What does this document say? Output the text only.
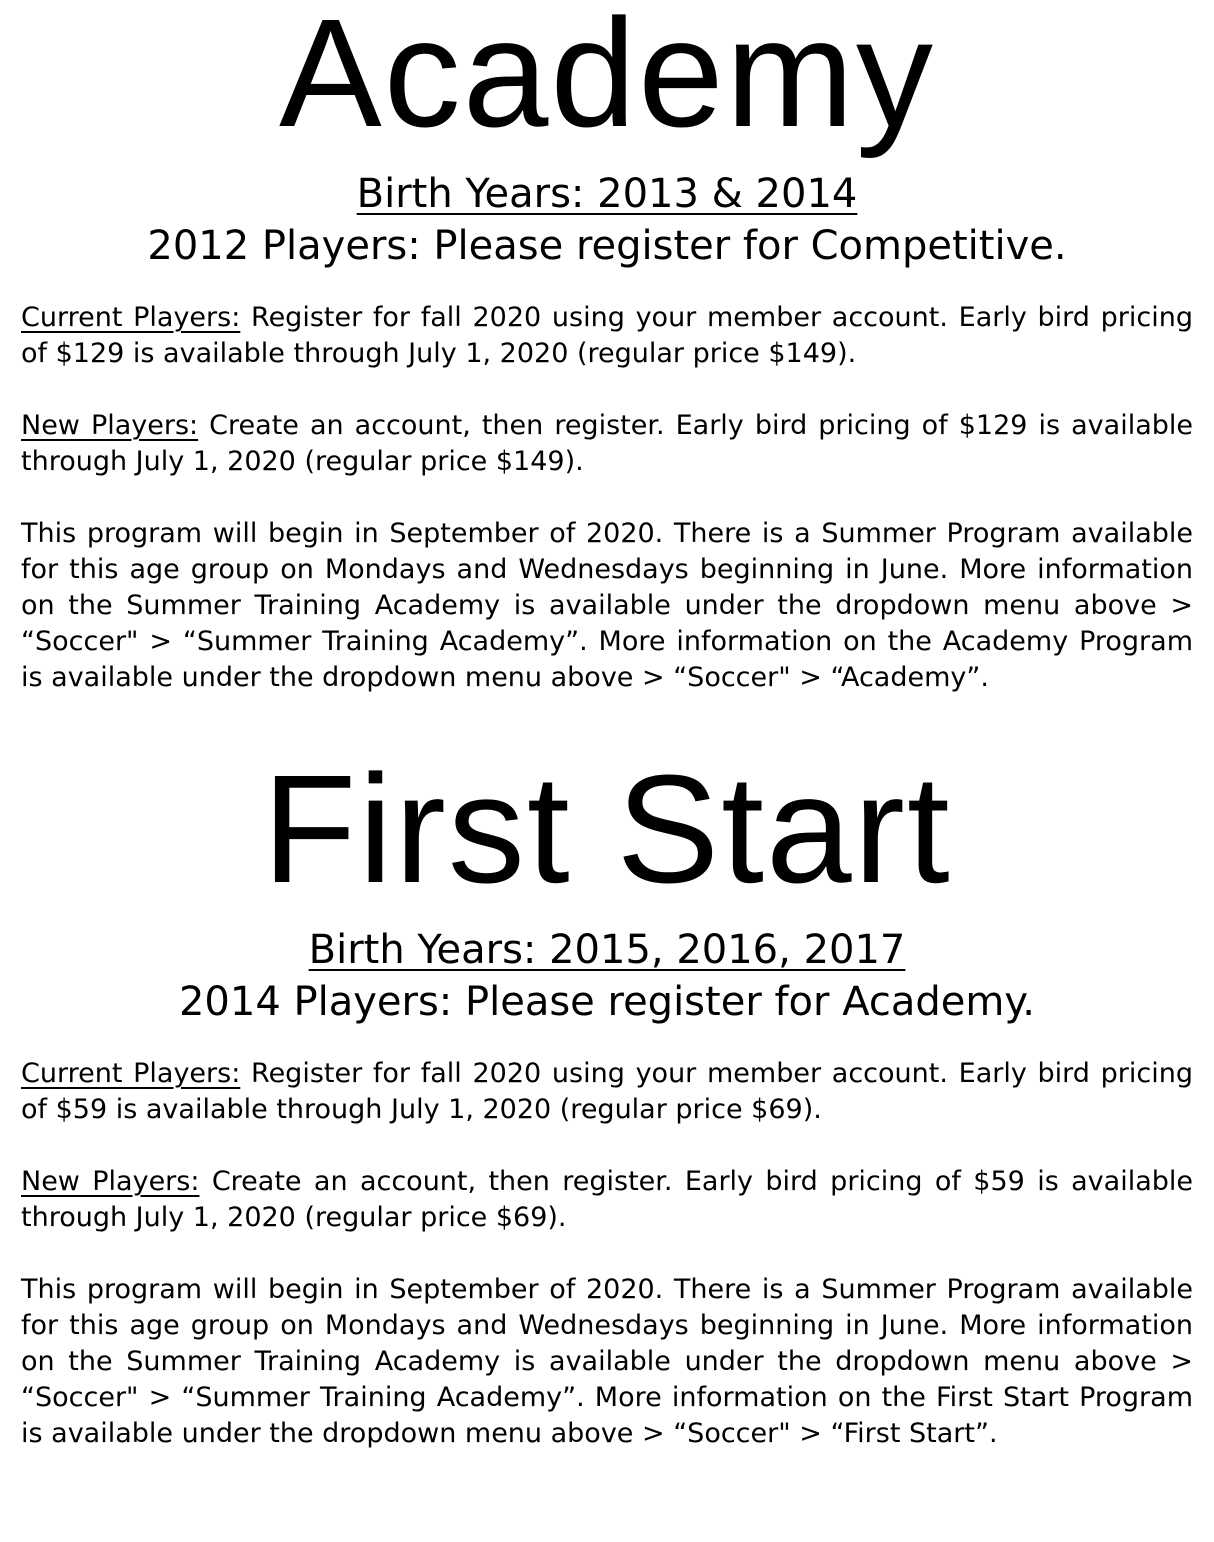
Academy

Birth Years: 2013 & 2014

2012 Players: Please register for Competitive.

Current Players: Register for fall 2020 using your member account. Early bird pricing of $129 is available through July 1, 2020 (regular price $149).

New Players: Create an account, then register. Early bird pricing of $129 is available through July 1, 2020 (regular price $149).

This program will begin in September of 2020. There is a Summer Program available for this age group on Mondays and Wednesdays beginning in June. More information on the Summer Training Academy is available under the dropdown menu above > “Soccer" > “Summer Training Academy”. More information on the Academy Program is available under the dropdown menu above > “Soccer" > “Academy”.

First Start

Birth Years: 2015, 2016, 2017

2014 Players: Please register for Academy.

Current Players: Register for fall 2020 using your member account. Early bird pricing of $59 is available through July 1, 2020 (regular price $69).

New Players: Create an account, then register. Early bird pricing of $59 is available through July 1, 2020 (regular price $69).

This program will begin in September of 2020. There is a Summer Program available for this age group on Mondays and Wednesdays beginning in June. More information on the Summer Training Academy is available under the dropdown menu above > “Soccer" > “Summer Training Academy”. More information on the First Start Program is available under the dropdown menu above > “Soccer" > “First Start”.
